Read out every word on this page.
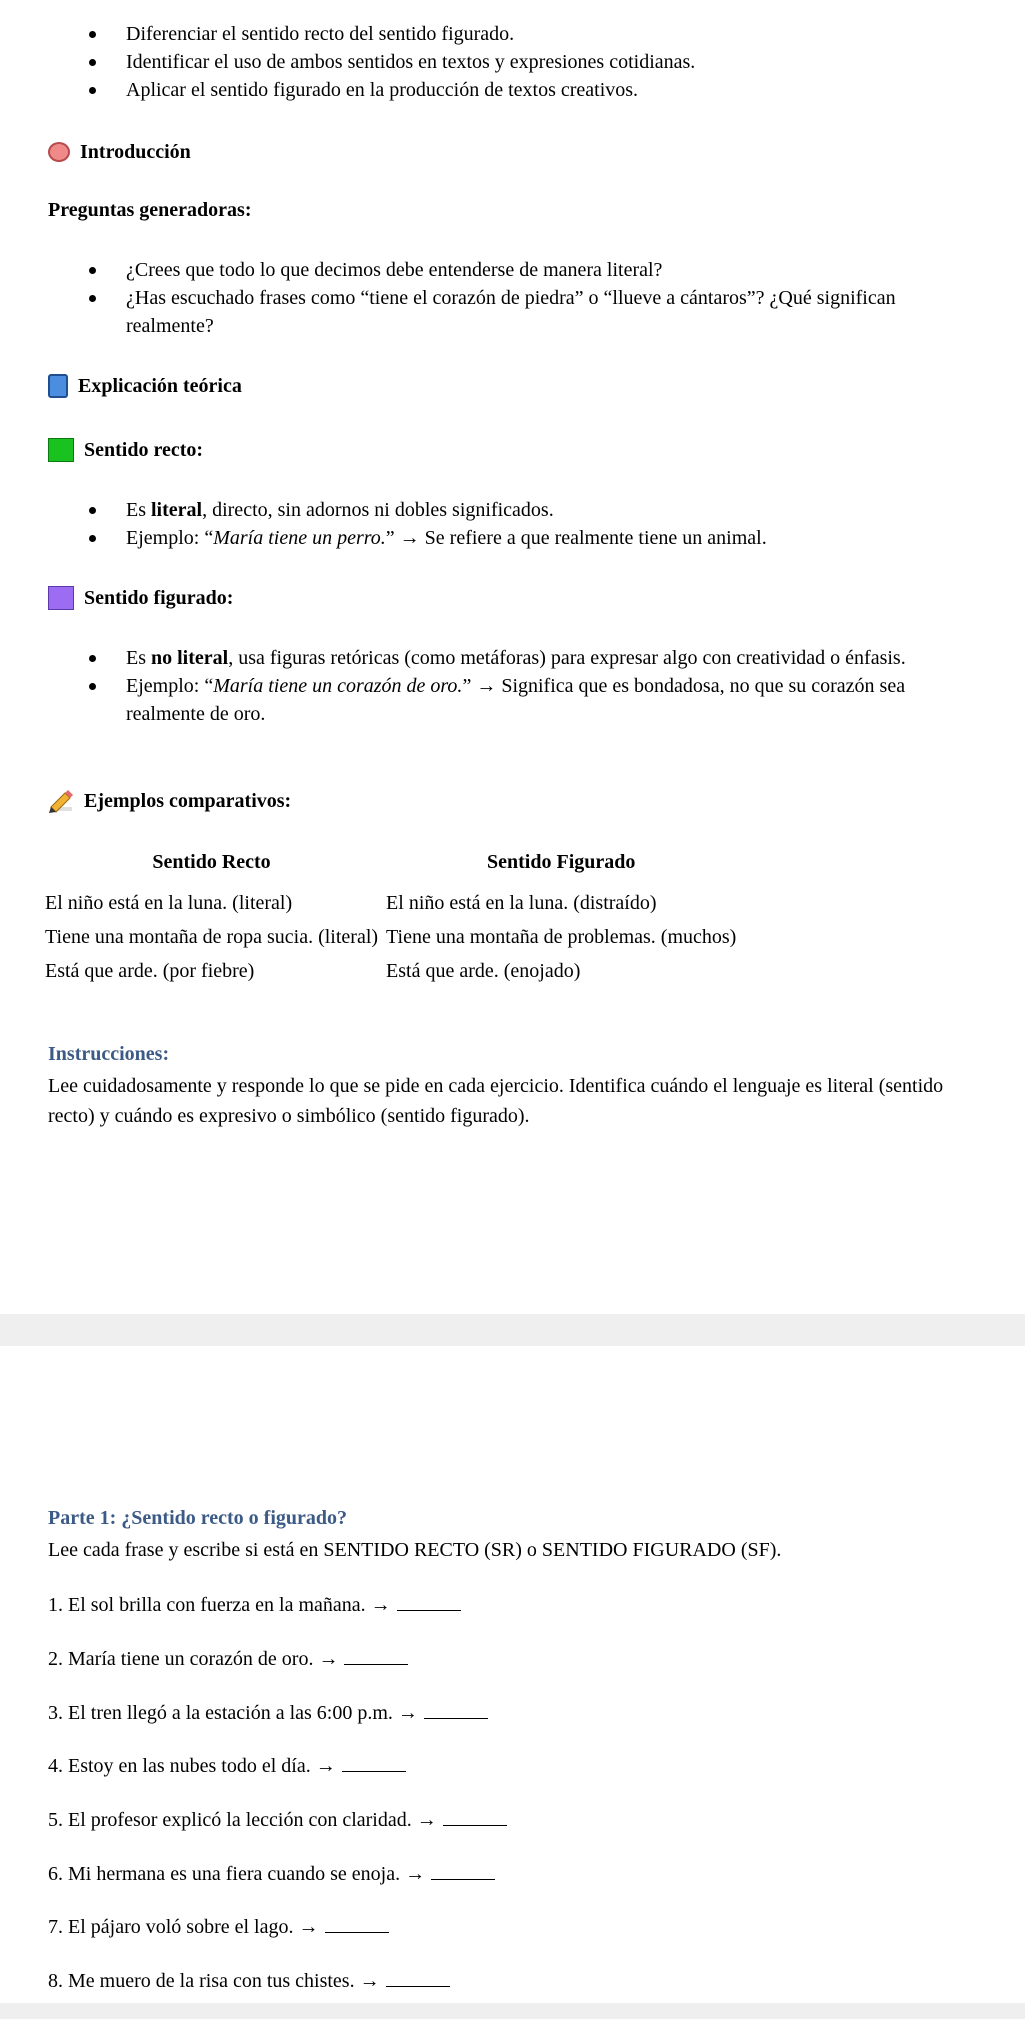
Diferenciar el sentido recto del sentido figurado.
Identificar el uso de ambos sentidos en textos y expresiones cotidianas.
Aplicar el sentido figurado en la producción de textos creativos.
Introducción
Preguntas generadoras:
¿Crees que todo lo que decimos debe entenderse de manera literal?
¿Has escuchado frases como “tiene el corazón de piedra” o “llueve a cántaros”? ¿Qué significan realmente?
Explicación teórica
Sentido recto:
Es literal, directo, sin adornos ni dobles significados.
Ejemplo: “María tiene un perro.” → Se refiere a que realmente tiene un animal.
Sentido figurado:
Es no literal, usa figuras retóricas (como metáforas) para expresar algo con creatividad o énfasis.
Ejemplo: “María tiene un corazón de oro.” → Significa que es bondadosa, no que su corazón sea realmente de oro.
Ejemplos comparativos:
Sentido Recto	Sentido Figurado
El niño está en la luna. (literal)	El niño está en la luna. (distraído)
Tiene una montaña de ropa sucia. (literal)	Tiene una montaña de problemas. (muchos)
Está que arde. (por fiebre)	Está que arde. (enojado)
Instrucciones:
Lee cuidadosamente y responde lo que se pide en cada ejercicio. Identifica cuándo el lenguaje es literal (sentido recto) y cuándo es expresivo o simbólico (sentido figurado).
Parte 1: ¿Sentido recto o figurado?
Lee cada frase y escribe si está en SENTIDO RECTO (SR) o SENTIDO FIGURADO (SF).
1. El sol brilla con fuerza en la mañana. →
2. María tiene un corazón de oro. →
3. El tren llegó a la estación a las 6:00 p.m. →
4. Estoy en las nubes todo el día. →
5. El profesor explicó la lección con claridad. →
6. Mi hermana es una fiera cuando se enoja. →
7. El pájaro voló sobre el lago. →
8. Me muero de la risa con tus chistes. →
